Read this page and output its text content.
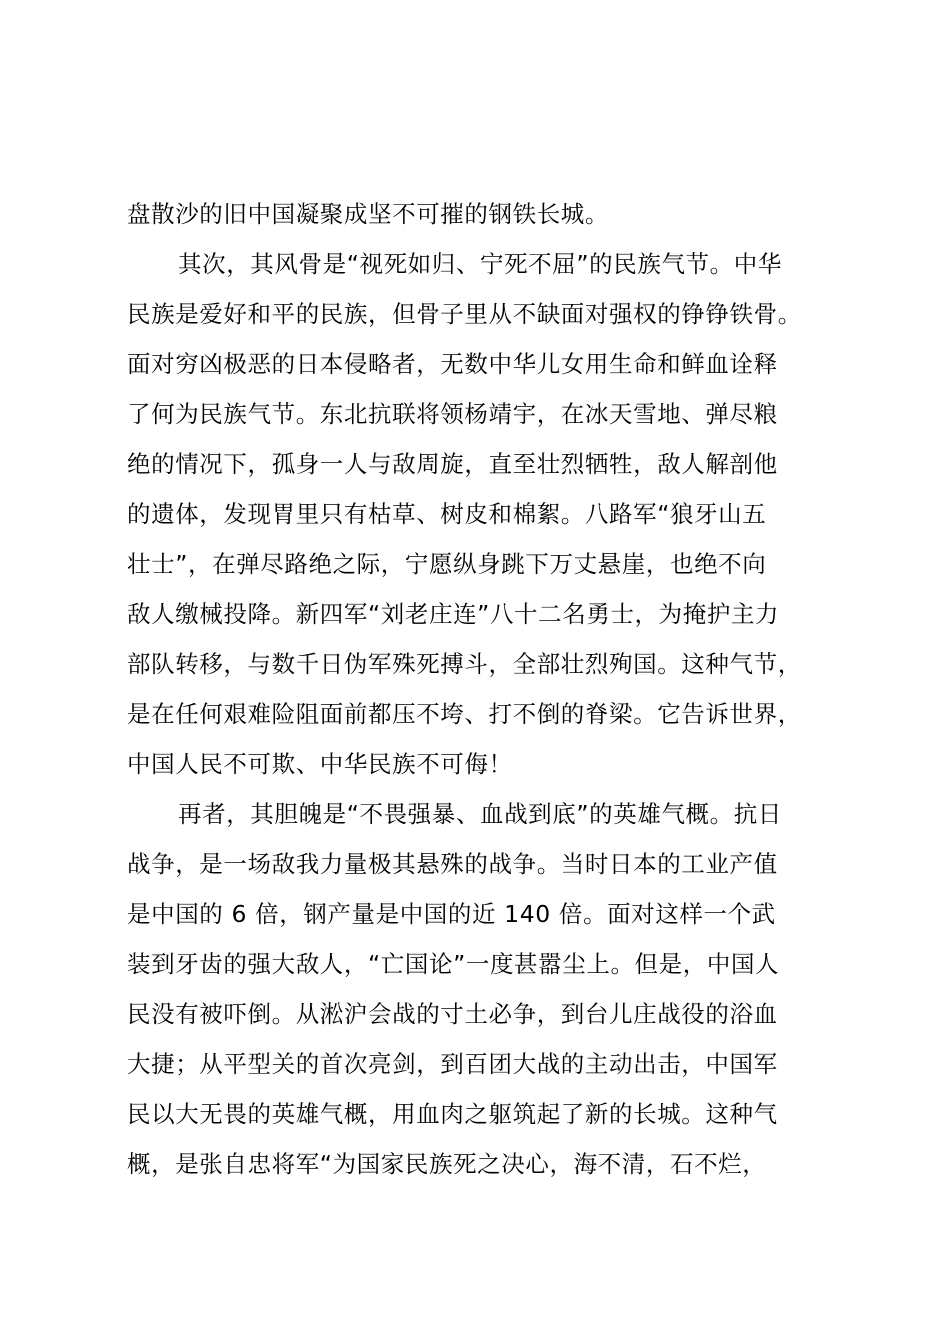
盘散沙的旧中国凝聚成坚不可摧的钢铁长城。
其次，其风骨是“视死如归、宁死不屈”的民族气节。中华
民族是爱好和平的民族，但骨子里从不缺面对强权的铮铮铁骨。
面对穷凶极恶的日本侵略者，无数中华儿女用生命和鲜血诠释
了何为民族气节。东北抗联将领杨靖宇，在冰天雪地、弹尽粮
绝的情况下，孤身一人与敌周旋，直至壮烈牺牲，敌人解剖他
的遗体，发现胃里只有枯草、树皮和棉絮。八路军“狼牙山五
壮士”，在弹尽路绝之际，宁愿纵身跳下万丈悬崖，也绝不向
敌人缴械投降。新四军“刘老庄连”八十二名勇士，为掩护主力
部队转移，与数千日伪军殊死搏斗，全部壮烈殉国。这种气节，
是在任何艰难险阻面前都压不垮、打不倒的脊梁。它告诉世界，
中国人民不可欺、中华民族不可侮！
再者，其胆魄是“不畏强暴、血战到底”的英雄气概。抗日
战争，是一场敌我力量极其悬殊的战争。当时日本的工业产值
是中国的 6 倍，钢产量是中国的近 140 倍。面对这样一个武
装到牙齿的强大敌人，“亡国论”一度甚嚣尘上。但是，中国人
民没有被吓倒。从淞沪会战的寸土必争，到台儿庄战役的浴血
大捷；从平型关的首次亮剑，到百团大战的主动出击，中国军
民以大无畏的英雄气概，用血肉之躯筑起了新的长城。这种气
概，是张自忠将军“为国家民族死之决心，海不清，石不烂，
